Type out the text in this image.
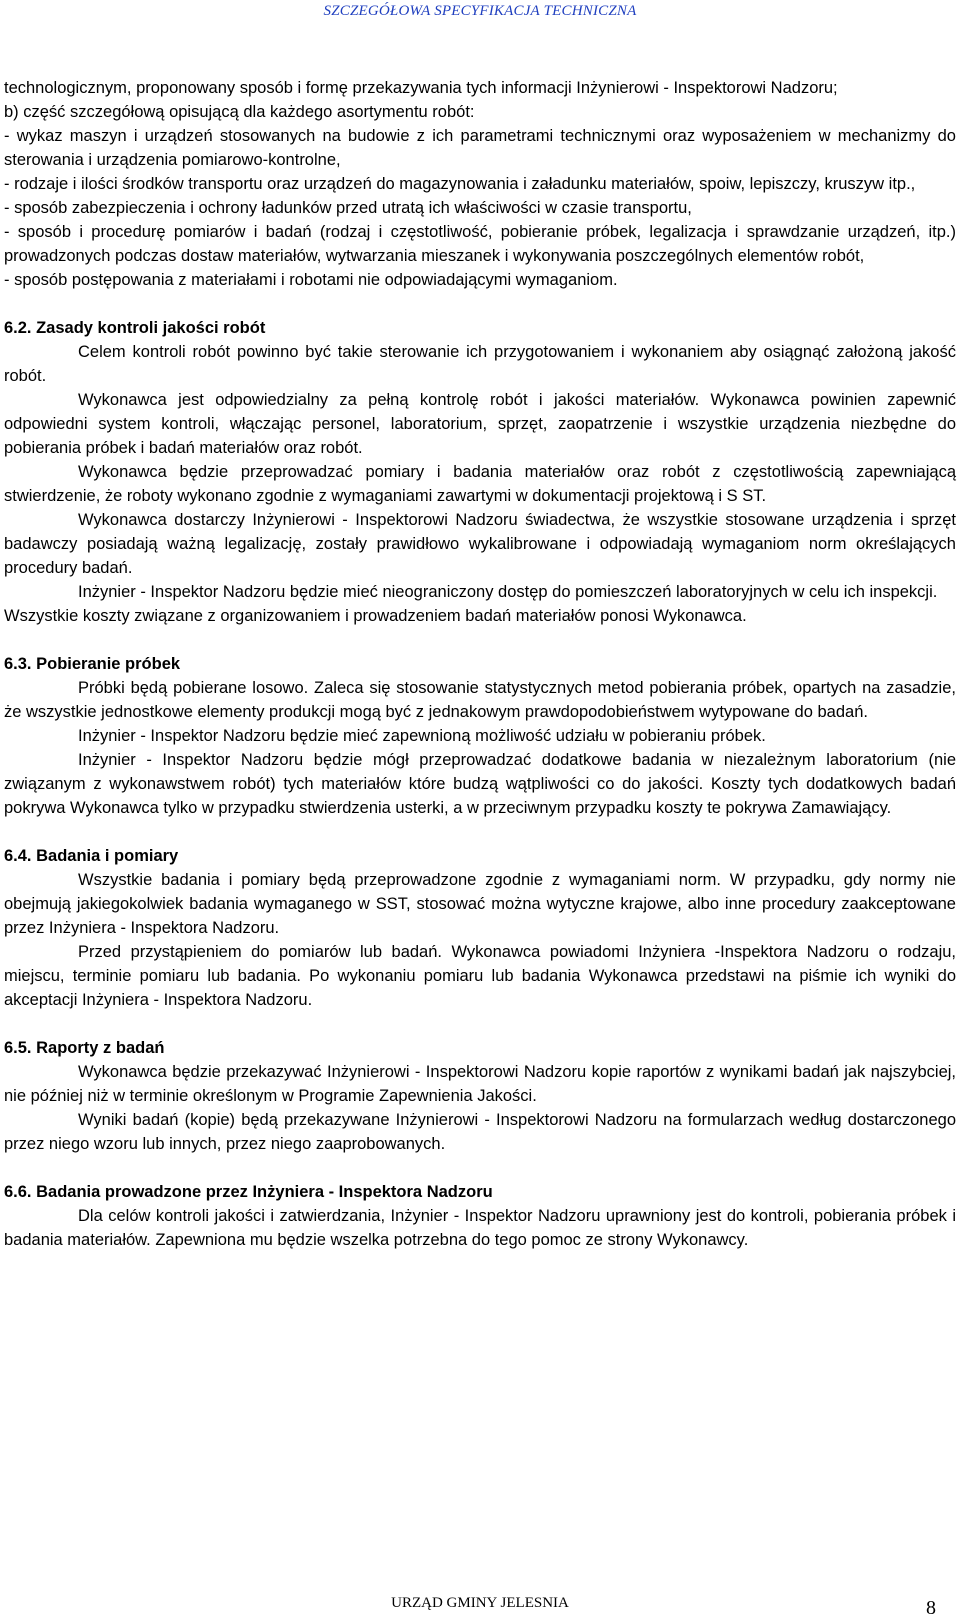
SZCZEGÓŁOWA SPECYFIKACJA TECHNICZNA

technologicznym, proponowany sposób i formę przekazywania tych informacji Inżynierowi - Inspektorowi Nadzoru;

b) część szczegółową opisującą dla każdego asortymentu robót:

- wykaz maszyn i urządzeń stosowanych na budowie z ich parametrami technicznymi oraz wyposażeniem w mechanizmy do sterowania i urządzenia pomiarowo-kontrolne,

- rodzaje i ilości środków transportu oraz urządzeń do magazynowania i załadunku materiałów, spoiw, lepiszczy, kruszyw itp.,

- sposób zabezpieczenia i ochrony ładunków przed utratą ich właściwości w czasie transportu,

- sposób i procedurę pomiarów i badań (rodzaj i częstotliwość, pobieranie próbek, legalizacja i sprawdzanie urządzeń, itp.) prowadzonych podczas dostaw materiałów, wytwarzania mieszanek i wykonywania poszczególnych elementów robót,

- sposób postępowania z materiałami i robotami nie odpowiadającymi wymaganiom.

6.2. Zasady kontroli jakości robót

Celem kontroli robót powinno być takie sterowanie ich przygotowaniem i wykonaniem aby osiągnąć założoną jakość robót.

Wykonawca jest odpowiedzialny za pełną kontrolę robót i jakości materiałów. Wykonawca powinien zapewnić odpowiedni system kontroli, włączając personel, laboratorium, sprzęt, zaopatrzenie i wszystkie urządzenia niezbędne do pobierania próbek i badań materiałów oraz robót.

Wykonawca będzie przeprowadzać pomiary i badania materiałów oraz robót z częstotliwością zapewniającą stwierdzenie, że roboty wykonano zgodnie z wymaganiami zawartymi w dokumentacji projektową i S ST.

Wykonawca dostarczy Inżynierowi - Inspektorowi Nadzoru świadectwa, że wszystkie stosowane urządzenia i sprzęt badawczy posiadają ważną legalizację, zostały prawidłowo wykalibrowane i odpowiadają wymaganiom norm określających procedury badań.

Inżynier - Inspektor Nadzoru będzie mieć nieograniczony dostęp do pomieszczeń laboratoryjnych w celu ich inspekcji.

Wszystkie koszty związane z organizowaniem i prowadzeniem badań materiałów ponosi Wykonawca.

6.3. Pobieranie próbek

Próbki będą pobierane losowo. Zaleca się stosowanie statystycznych metod pobierania próbek, opartych na zasadzie, że wszystkie jednostkowe elementy produkcji mogą być z jednakowym prawdopodobieństwem wytypowane do badań.

Inżynier - Inspektor Nadzoru będzie mieć zapewnioną możliwość udziału w pobieraniu próbek.

Inżynier - Inspektor Nadzoru będzie mógł przeprowadzać dodatkowe badania w niezależnym laboratorium (nie związanym z wykonawstwem robót) tych materiałów które budzą wątpliwości co do jakości. Koszty tych dodatkowych badań pokrywa Wykonawca tylko w przypadku stwierdzenia usterki, a w przeciwnym przypadku koszty te pokrywa Zamawiający.

6.4. Badania i pomiary

Wszystkie badania i pomiary będą przeprowadzone zgodnie z wymaganiami norm. W przypadku, gdy normy nie obejmują jakiegokolwiek badania wymaganego w SST, stosować można wytyczne krajowe, albo inne procedury zaakceptowane przez Inżyniera - Inspektora Nadzoru.

Przed przystąpieniem do pomiarów lub badań. Wykonawca powiadomi Inżyniera -Inspektora Nadzoru o rodzaju, miejscu, terminie pomiaru lub badania. Po wykonaniu pomiaru lub badania Wykonawca przedstawi na piśmie ich wyniki do akceptacji Inżyniera - Inspektora Nadzoru.

6.5. Raporty z badań

Wykonawca będzie przekazywać Inżynierowi - Inspektorowi Nadzoru kopie raportów z wynikami badań jak najszybciej, nie później niż w terminie określonym w Programie Zapewnienia Jakości.

Wyniki badań (kopie) będą przekazywane Inżynierowi - Inspektorowi Nadzoru na formularzach według dostarczonego przez niego wzoru lub innych, przez niego zaaprobowanych.

6.6. Badania prowadzone przez Inżyniera - Inspektora Nadzoru

Dla celów kontroli jakości i zatwierdzania, Inżynier - Inspektor Nadzoru uprawniony jest do kontroli, pobierania próbek i badania materiałów. Zapewniona mu będzie wszelka potrzebna do tego pomoc ze strony Wykonawcy.

URZĄD GMINY JELESNIA	8
